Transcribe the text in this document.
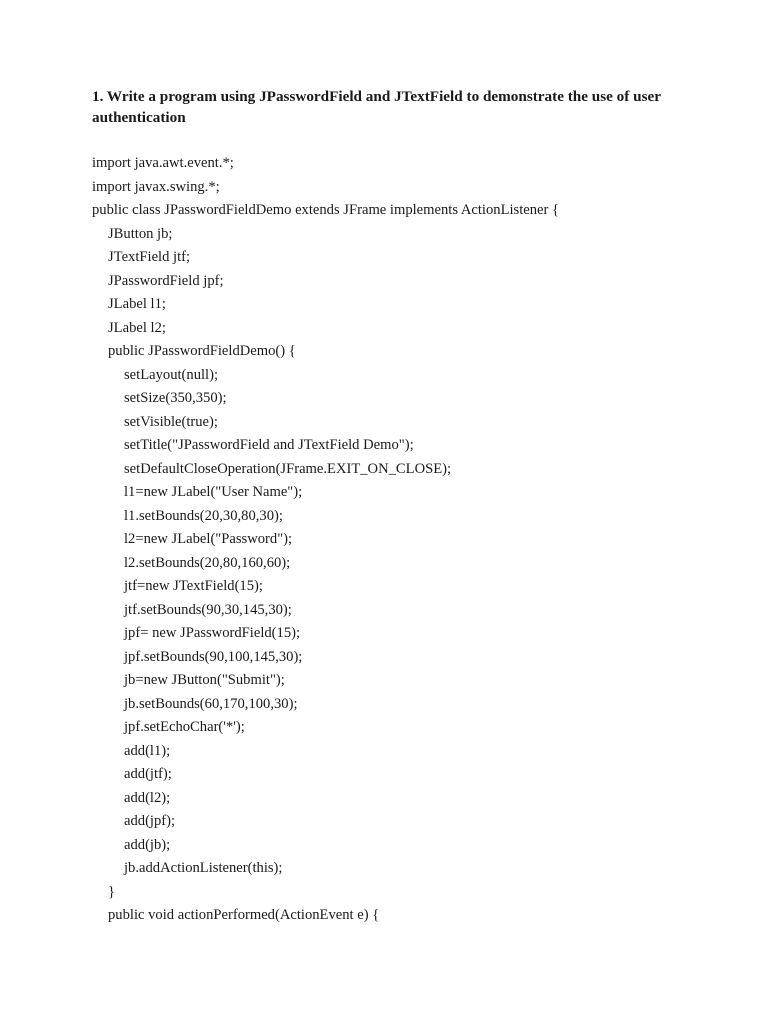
1. Write a program using JPasswordField and JTextField to demonstrate the use of user authentication
import java.awt.event.*;
import javax.swing.*;
public class JPasswordFieldDemo extends JFrame implements ActionListener {
JButton jb;
JTextField jtf;
JPasswordField jpf;
JLabel l1;
JLabel l2;
public JPasswordFieldDemo() {
setLayout(null);
setSize(350,350);
setVisible(true);
setTitle("JPasswordField and JTextField Demo");
setDefaultCloseOperation(JFrame.EXIT_ON_CLOSE);
l1=new JLabel("User Name");
l1.setBounds(20,30,80,30);
l2=new JLabel("Password");
l2.setBounds(20,80,160,60);
jtf=new JTextField(15);
jtf.setBounds(90,30,145,30);
jpf= new JPasswordField(15);
jpf.setBounds(90,100,145,30);
jb=new JButton("Submit");
jb.setBounds(60,170,100,30);
jpf.setEchoChar('*');
add(l1);
add(jtf);
add(l2);
add(jpf);
add(jb);
jb.addActionListener(this);
}
public void actionPerformed(ActionEvent e) {
